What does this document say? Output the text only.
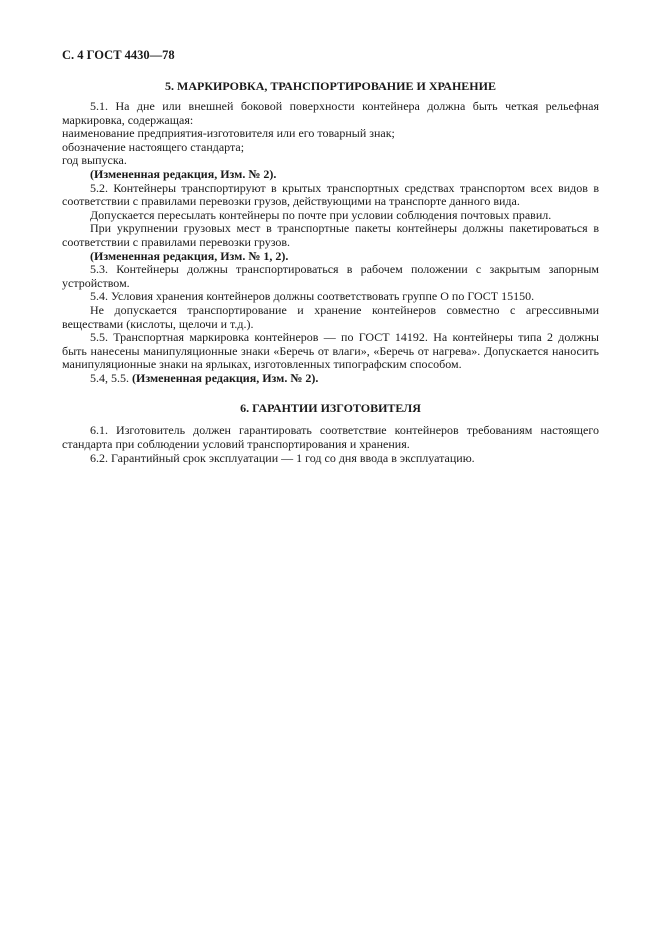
С. 4 ГОСТ 4430—78
5. МАРКИРОВКА, ТРАНСПОРТИРОВАНИЕ И ХРАНЕНИЕ

5.1. На дне или внешней боковой поверхности контейнера должна быть четкая рельефная маркировка, содержащая:

наименование предприятия-изготовителя или его товарный знак;

обозначение настоящего стандарта;

год выпуска.

(Измененная редакция, Изм. № 2).

5.2. Контейнеры транспортируют в крытых транспортных средствах транспортом всех видов в соответствии с правилами перевозки грузов, действующими на транспорте данного вида.

Допускается пересылать контейнеры по почте при условии соблюдения почтовых правил.

При укрупнении грузовых мест в транспортные пакеты контейнеры должны пакетироваться в соответствии с правилами перевозки грузов.

(Измененная редакция, Изм. № 1, 2).

5.3. Контейнеры должны транспортироваться в рабочем положении с закрытым запорным устройством.

5.4. Условия хранения контейнеров должны соответствовать группе О по ГОСТ 15150.

Не допускается транспортирование и хранение контейнеров совместно с агрессивными веществами (кислоты, щелочи и т.д.).

5.5. Транспортная маркировка контейнеров — по ГОСТ 14192. На контейнеры типа 2 должны быть нанесены манипуляционные знаки «Беречь от влаги», «Беречь от нагрева». Допускается наносить манипуляционные знаки на ярлыках, изготовленных типографским способом.

5.4, 5.5. (Измененная редакция, Изм. № 2).

6. ГАРАНТИИ ИЗГОТОВИТЕЛЯ

6.1. Изготовитель должен гарантировать соответствие контейнеров требованиям настоящего стандарта при соблюдении условий транспортирования и хранения.

6.2. Гарантийный срок эксплуатации — 1 год со дня ввода в эксплуатацию.
